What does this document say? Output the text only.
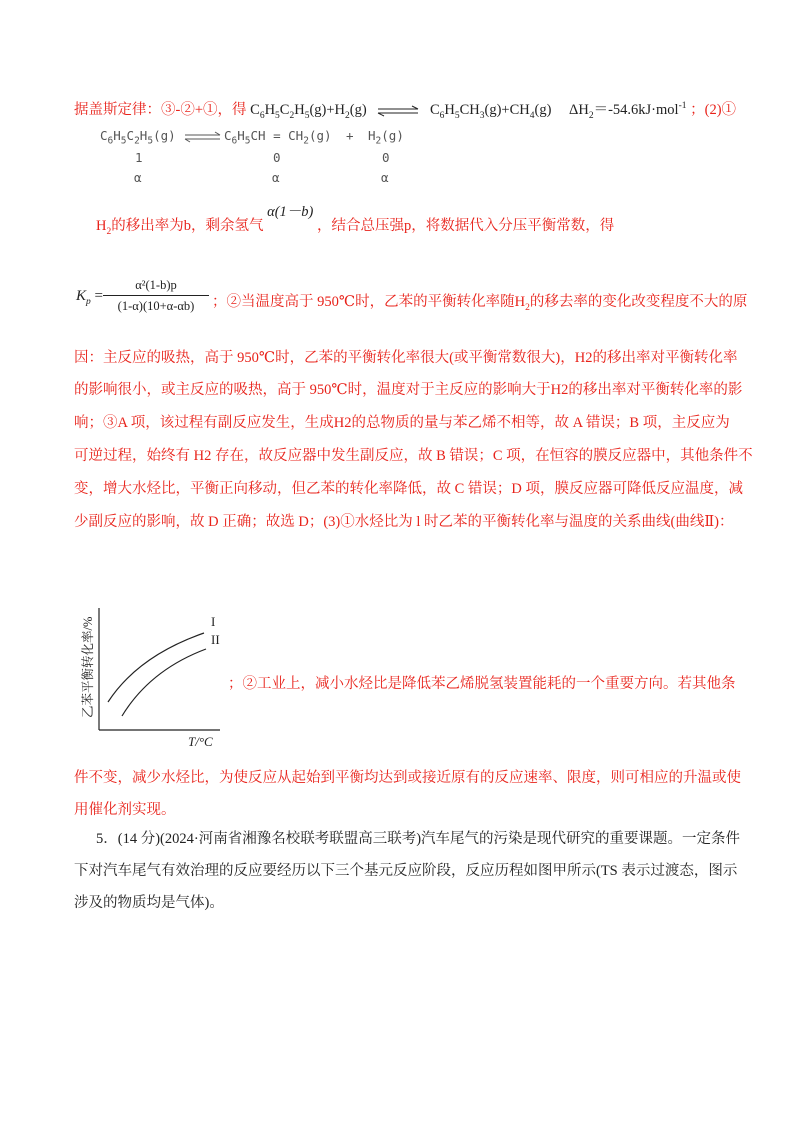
据盖斯定律：③-②+①，得 $C_6H_5C_2H_5(g)+H_2(g)$ ⇌ $C_6H_5CH_3(g)+CH_4(g)$ $\Delta H_2=-54.6kJ\cdot mol^{-1}$ ；(2)①
$C_6H_5C_2H_5(g)$ ⇌ $C_6H_5CH = CH_2(g) + H_2(g)$
1	0	0
α	α	α
$H_2$的移出率为b，剩余氢气 α(1－b) ，结合总压强p，将数据代入分压平衡常数，得
$K_p$ =
α²(1-b)p
(1-α)(10+α-αb)	；②当温度高于 950℃时，乙苯的平衡转化率随$H_2$的移去率的变化改变程度不大的原
因：主反应的吸热，高于 950℃时，乙苯的平衡转化率很大(或平衡常数很大)，H2的移出率对平衡转化率
的影响很小，或主反应的吸热，高于 950℃时，温度对于主反应的影响大于H2的移出率对平衡转化率的影
响；③A 项，该过程有副反应发生，生成H2的总物质的量与苯乙烯不相等，故 A 错误；B 项，主反应为
可逆过程，始终有 H2 存在，故反应器中发生副反应，故 B 错误；C 项，在恒容的膜反应器中，其他条件不
变，增大水烃比，平衡正向移动，但乙苯的转化率降低，故 C 错误；D 项，膜反应器可降低反应温度，减
少副反应的影响，故 D 正确；故选 D；(3)①水烃比为 l 时乙苯的平衡转化率与温度的关系曲线(曲线Ⅱ)：
I
II
乙苯平衡转化率/%
T/°C
；②工业上，减小水烃比是降低苯乙烯脱氢装置能耗的一个重要方向。若其他条
件不变，减少水烃比，为使反应从起始到平衡均达到或接近原有的反应速率、限度，则可相应的升温或使
用催化剂实现。
5．(14 分)(2024·河南省湘豫名校联考联盟高三联考)汽车尾气的污染是现代研究的重要课题。一定条件
下对汽车尾气有效治理的反应要经历以下三个基元反应阶段，反应历程如图甲所示(TS 表示过渡态，图示
涉及的物质均是气体)。
